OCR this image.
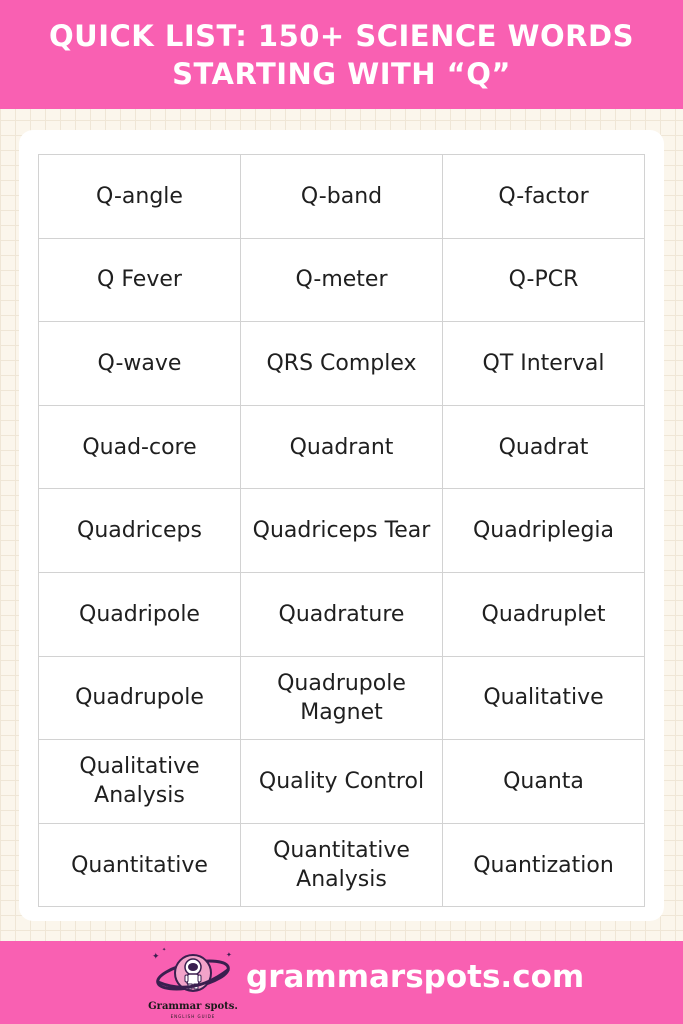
QUICK LIST: 150+ SCIENCE WORDS
STARTING WITH “Q”
Q-angle	Q-band	Q-factor
Q Fever	Q-meter	Q-PCR
Q-wave	QRS Complex	QT Interval
Quad-core	Quadrant	Quadrat
Quadriceps	Quadriceps Tear	Quadriplegia
Quadripole	Quadrature	Quadruplet
Quadrupole	Quadrupole Magnet	Qualitative
Qualitative Analysis	Quality Control	Quanta
Quantitative	Quantitative Analysis	Quantization
✦	✦
✦
Grammar spots.
ENGLISH GUIDE
grammarspots.com
